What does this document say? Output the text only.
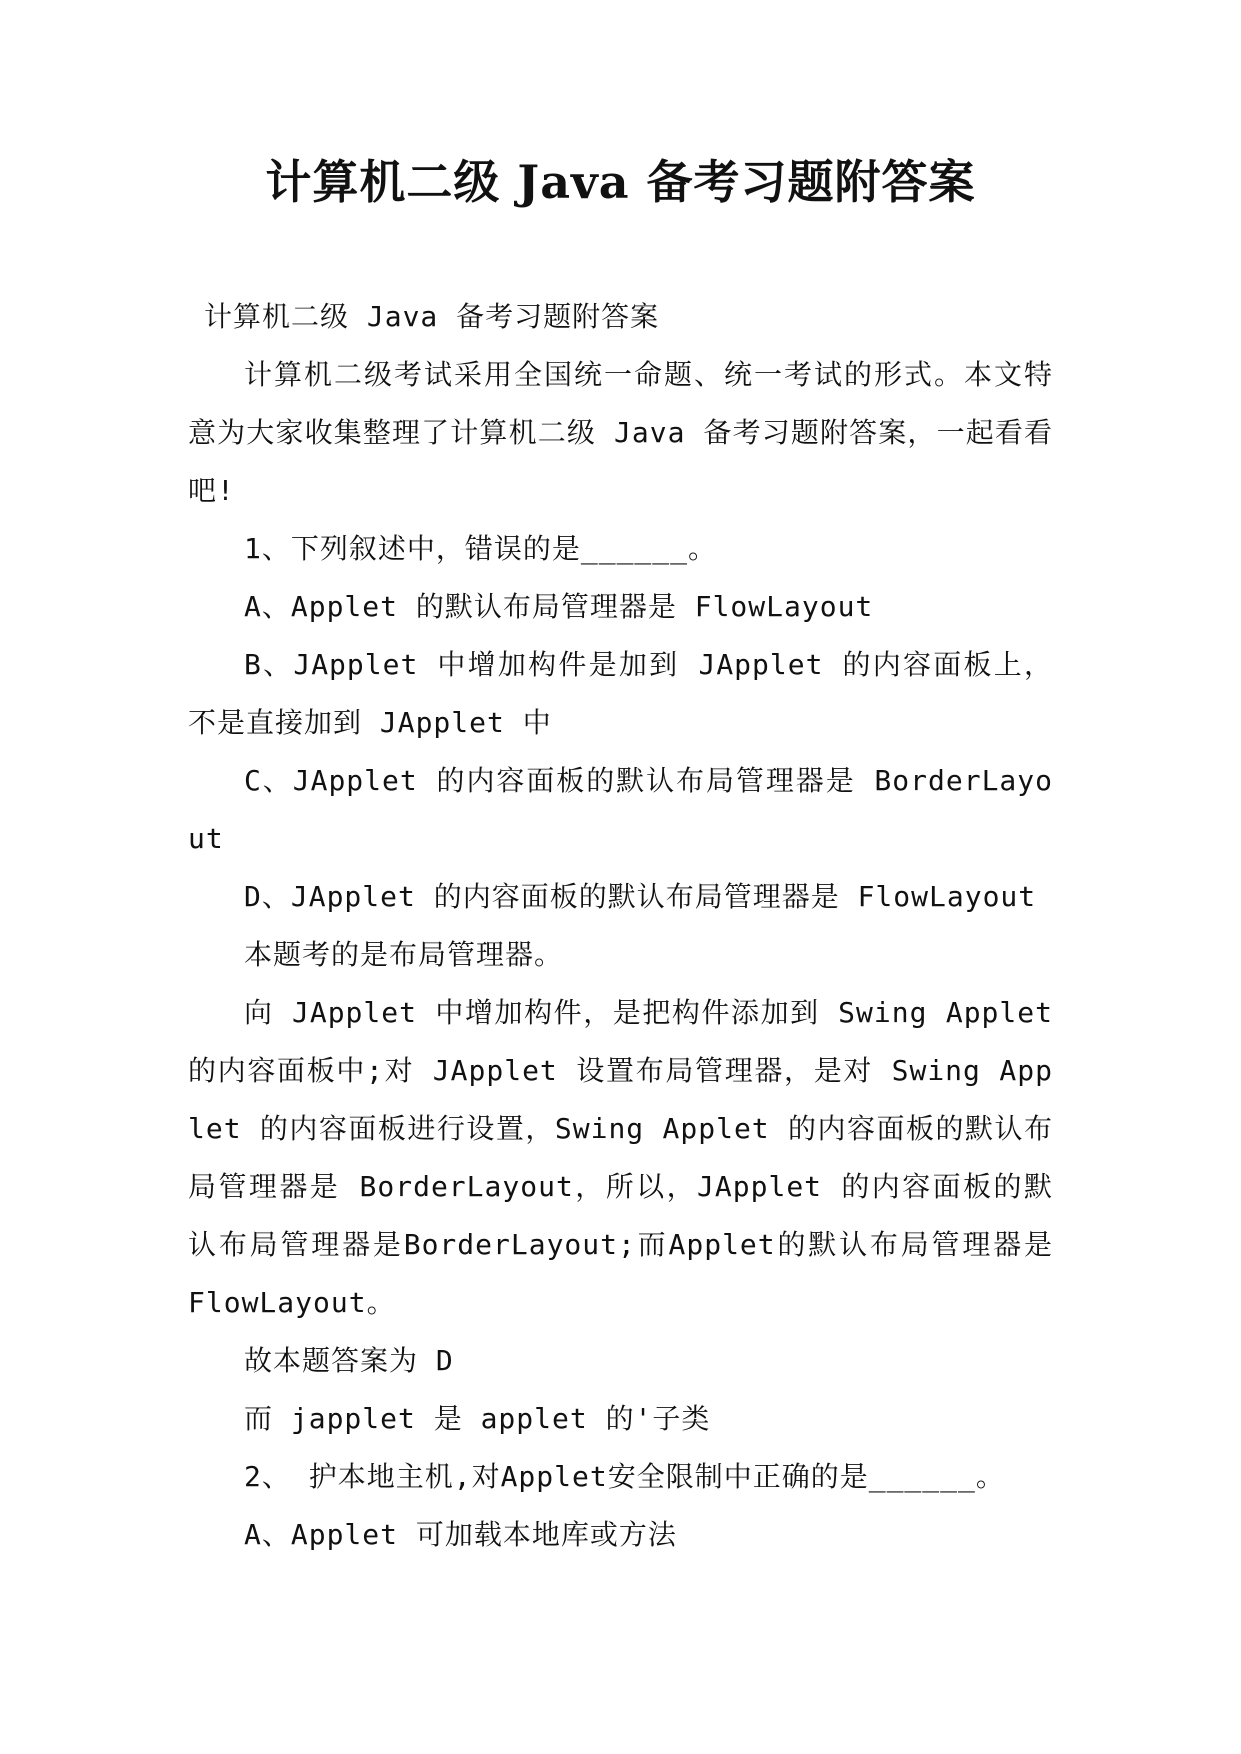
计算机二级 Java 备考习题附答案

计算机二级 Java 备考习题附答案

计算机二级考试采用全国统一命题、统一考试的形式。本文特意为大家收集整理了计算机二级 Java 备考习题附答案，一起看看吧!

1、下列叙述中，错误的是______。

A、Applet 的默认布局管理器是 FlowLayout

B、JApplet 中增加构件是加到 JApplet 的内容面板上，不是直接加到 JApplet 中

C、JApplet 的内容面板的默认布局管理器是 BorderLayout

D、JApplet 的内容面板的默认布局管理器是 FlowLayout

本题考的是布局管理器。

向 JApplet 中增加构件，是把构件添加到 Swing Applet 的内容面板中;对 JApplet 设置布局管理器，是对 Swing Applet 的内容面板进行设置，Swing Applet 的内容面板的默认布局管理器是 BorderLayout，所以，JApplet 的内容面板的默认布局管理器是BorderLayout;而Applet的默认布局管理器是 FlowLayout。

故本题答案为 D

而 japplet 是 applet 的'子类

2、 护本地主机,对Applet安全限制中正确的是______。

A、Applet 可加载本地库或方法
